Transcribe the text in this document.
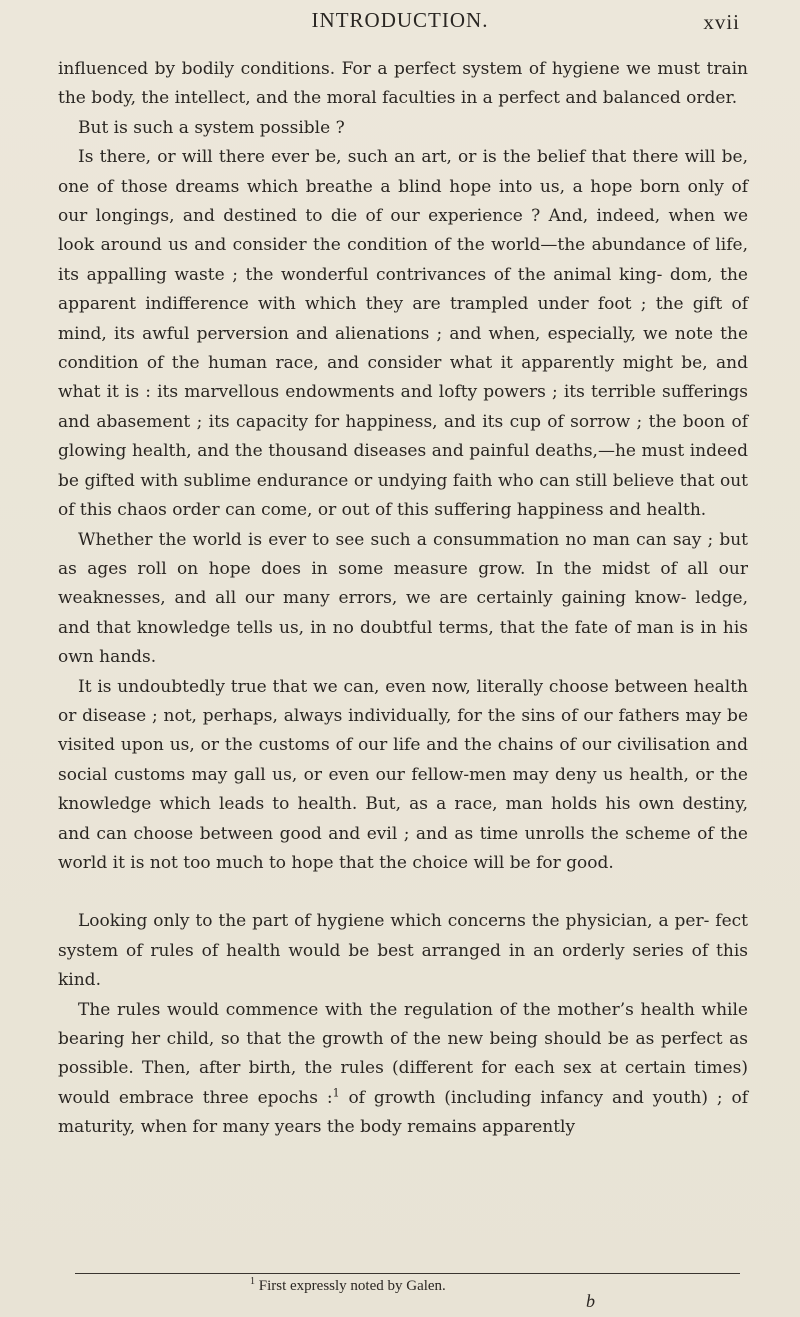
INTRODUCTION.	xvii

influenced by bodily conditions. For a perfect system of hygiene we must train the body, the intellect, and the moral faculties in a perfect and balanced order.

But is such a system possible ?

Is there, or will there ever be, such an art, or is the belief that there will be, one of those dreams which breathe a blind hope into us, a hope born only of our longings, and destined to die of our experience ? And, indeed, when we look around us and consider the condition of the world—the abundance of life, its appalling waste ; the wonderful contrivances of the animal king- dom, the apparent indifference with which they are trampled under foot ; the gift of mind, its awful perversion and alienations ; and when, especially, we note the condition of the human race, and consider what it apparently might be, and what it is : its marvellous endowments and lofty powers ; its terrible sufferings and abasement ; its capacity for happiness, and its cup of sorrow ; the boon of glowing health, and the thousand diseases and painful deaths,—he must indeed be gifted with sublime endurance or undying faith who can still believe that out of this chaos order can come, or out of this suffering happiness and health.

Whether the world is ever to see such a consummation no man can say ; but as ages roll on hope does in some measure grow. In the midst of all our weaknesses, and all our many errors, we are certainly gaining know- ledge, and that knowledge tells us, in no doubtful terms, that the fate of man is in his own hands.

It is undoubtedly true that we can, even now, literally choose between health or disease ; not, perhaps, always individually, for the sins of our fathers may be visited upon us, or the customs of our life and the chains of our civilisation and social customs may gall us, or even our fellow-men may deny us health, or the knowledge which leads to health. But, as a race, man holds his own destiny, and can choose between good and evil ; and as time unrolls the scheme of the world it is not too much to hope that the choice will be for good.

Looking only to the part of hygiene which concerns the physician, a per- fect system of rules of health would be best arranged in an orderly series of this kind.

The rules would commence with the regulation of the mother’s health while bearing her child, so that the growth of the new being should be as perfect as possible. Then, after birth, the rules (different for each sex at certain times) would embrace three epochs :$^1$ of growth (including infancy and youth) ; of maturity, when for many years the body remains apparently

$^1$ First expressly noted by Galen.
b
